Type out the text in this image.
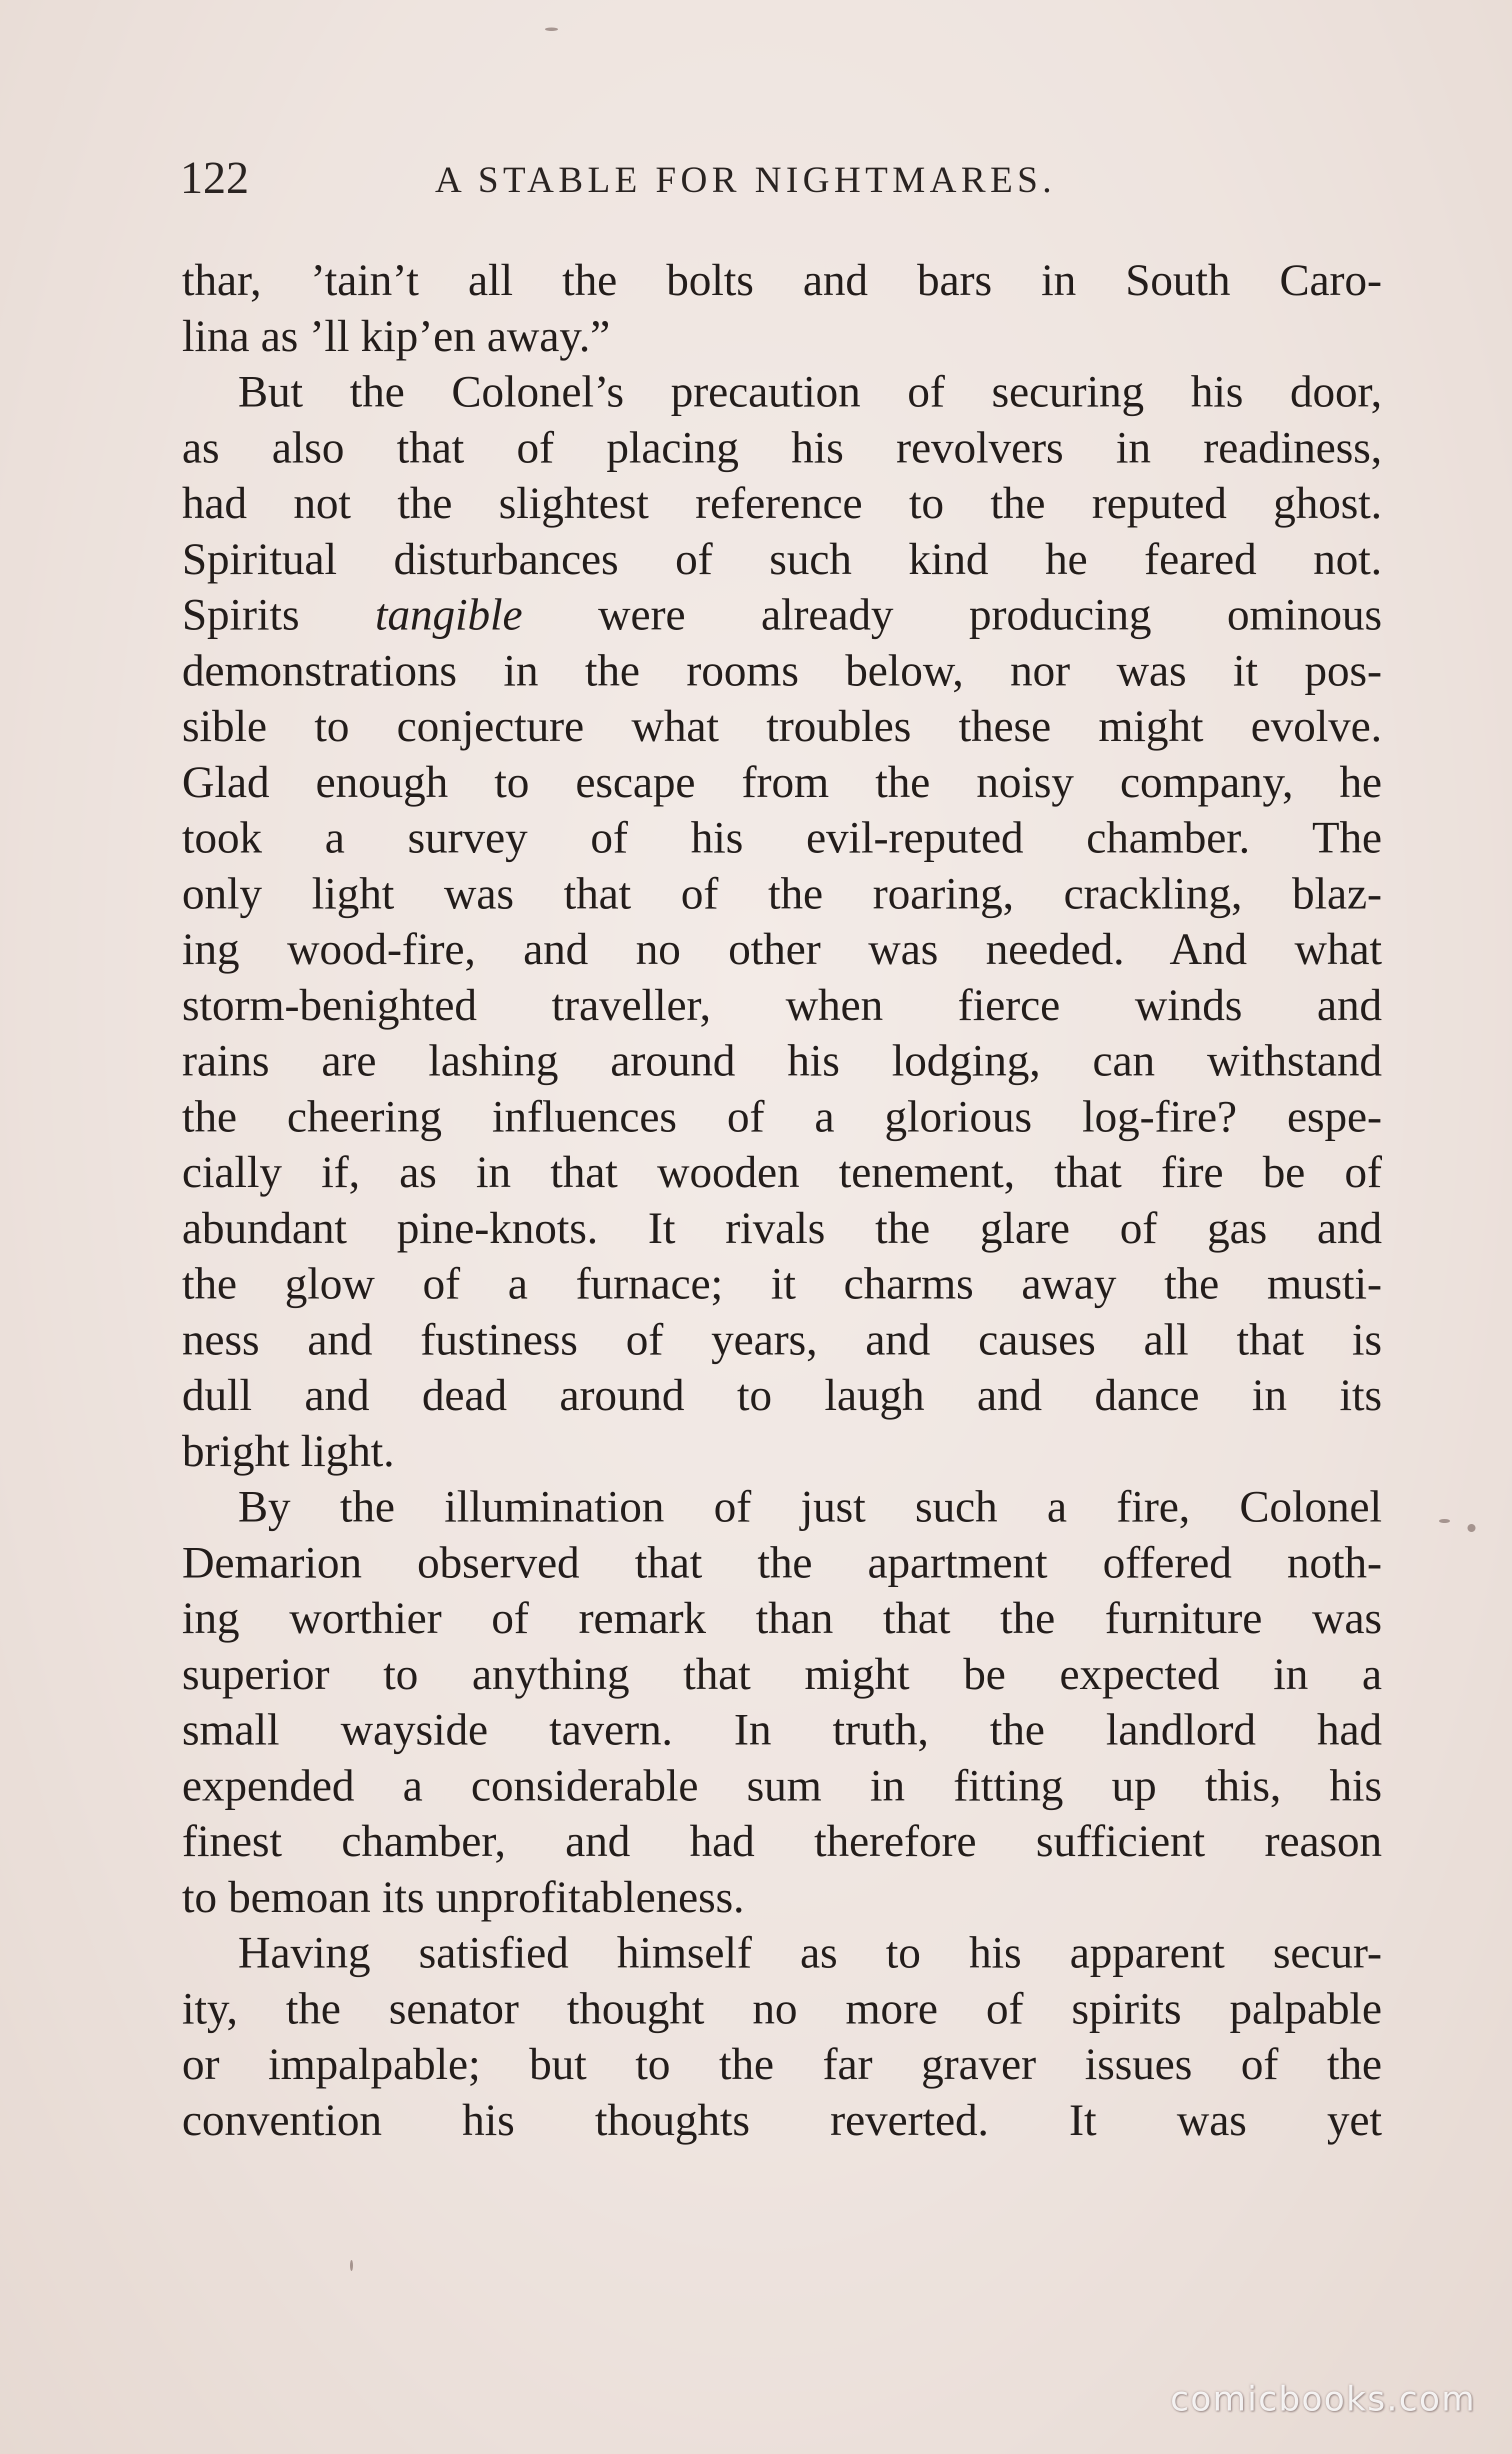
122	A STABLE FOR NIGHTMARES.
thar, ’tain’t all the bolts and bars in South Caro-
lina as ’ll kip’en away.”
But the Colonel’s precaution of securing his door,
as also that of placing his revolvers in readiness,
had not the slightest reference to the reputed ghost.
Spiritual disturbances of such kind he feared not.
Spirits tangible were already producing ominous
demonstrations in the rooms below, nor was it pos-
sible to conjecture what troubles these might evolve.
Glad enough to escape from the noisy company, he
took a survey of his evil-reputed chamber. The
only light was that of the roaring, crackling, blaz-
ing wood-fire, and no other was needed. And what
storm-benighted traveller, when fierce winds and
rains are lashing around his lodging, can withstand
the cheering influences of a glorious log-fire? espe-
cially if, as in that wooden tenement, that fire be of
abundant pine-knots. It rivals the glare of gas and
the glow of a furnace; it charms away the musti-
ness and fustiness of years, and causes all that is
dull and dead around to laugh and dance in its
bright light.
By the illumination of just such a fire, Colonel
Demarion observed that the apartment offered noth-
ing worthier of remark than that the furniture was
superior to anything that might be expected in a
small wayside tavern. In truth, the landlord had
expended a considerable sum in fitting up this, his
finest chamber, and had therefore sufficient reason
to bemoan its unprofitableness.
Having satisfied himself as to his apparent secur-
ity, the senator thought no more of spirits palpable
or impalpable; but to the far graver issues of the
convention his thoughts reverted. It was yet
comicbooks.com
